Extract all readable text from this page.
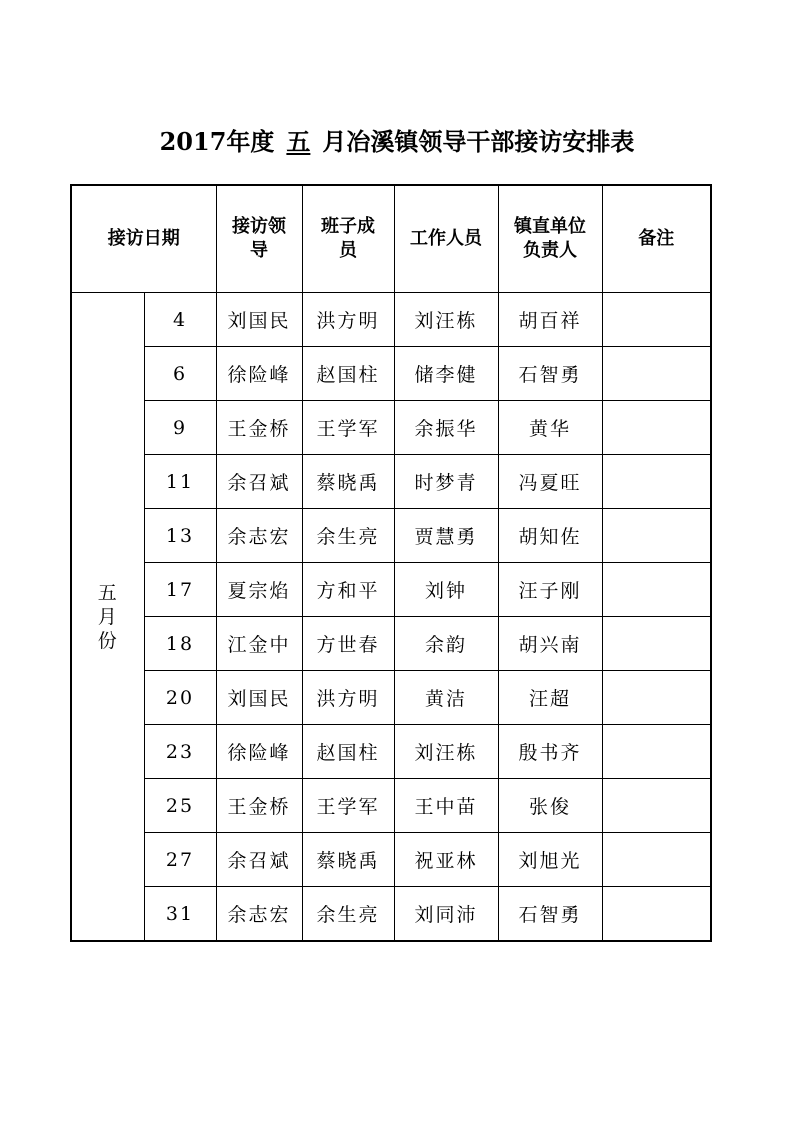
2017年度 五 月冶溪镇领导干部接访安排表
接访日期		接访领导	班子成员	工作人员	镇直单位负责人	备注
五月份	4	刘国民	洪方明	刘汪栋	胡百祥	
	6	徐险峰	赵国柱	储李健	石智勇	
	9	王金桥	王学军	余振华	黄华	
	11	余召斌	蔡晓禹	时梦青	冯夏旺	
	13	余志宏	余生亮	贾慧勇	胡知佐	
	17	夏宗焰	方和平	刘钟	汪子刚	
	18	江金中	方世春	余韵	胡兴南	
	20	刘国民	洪方明	黄洁	汪超	
	23	徐险峰	赵国柱	刘汪栋	殷书齐	
	25	王金桥	王学军	王中苗	张俊	
	27	余召斌	蔡晓禹	祝亚林	刘旭光	
	31	余志宏	余生亮	刘同沛	石智勇	
